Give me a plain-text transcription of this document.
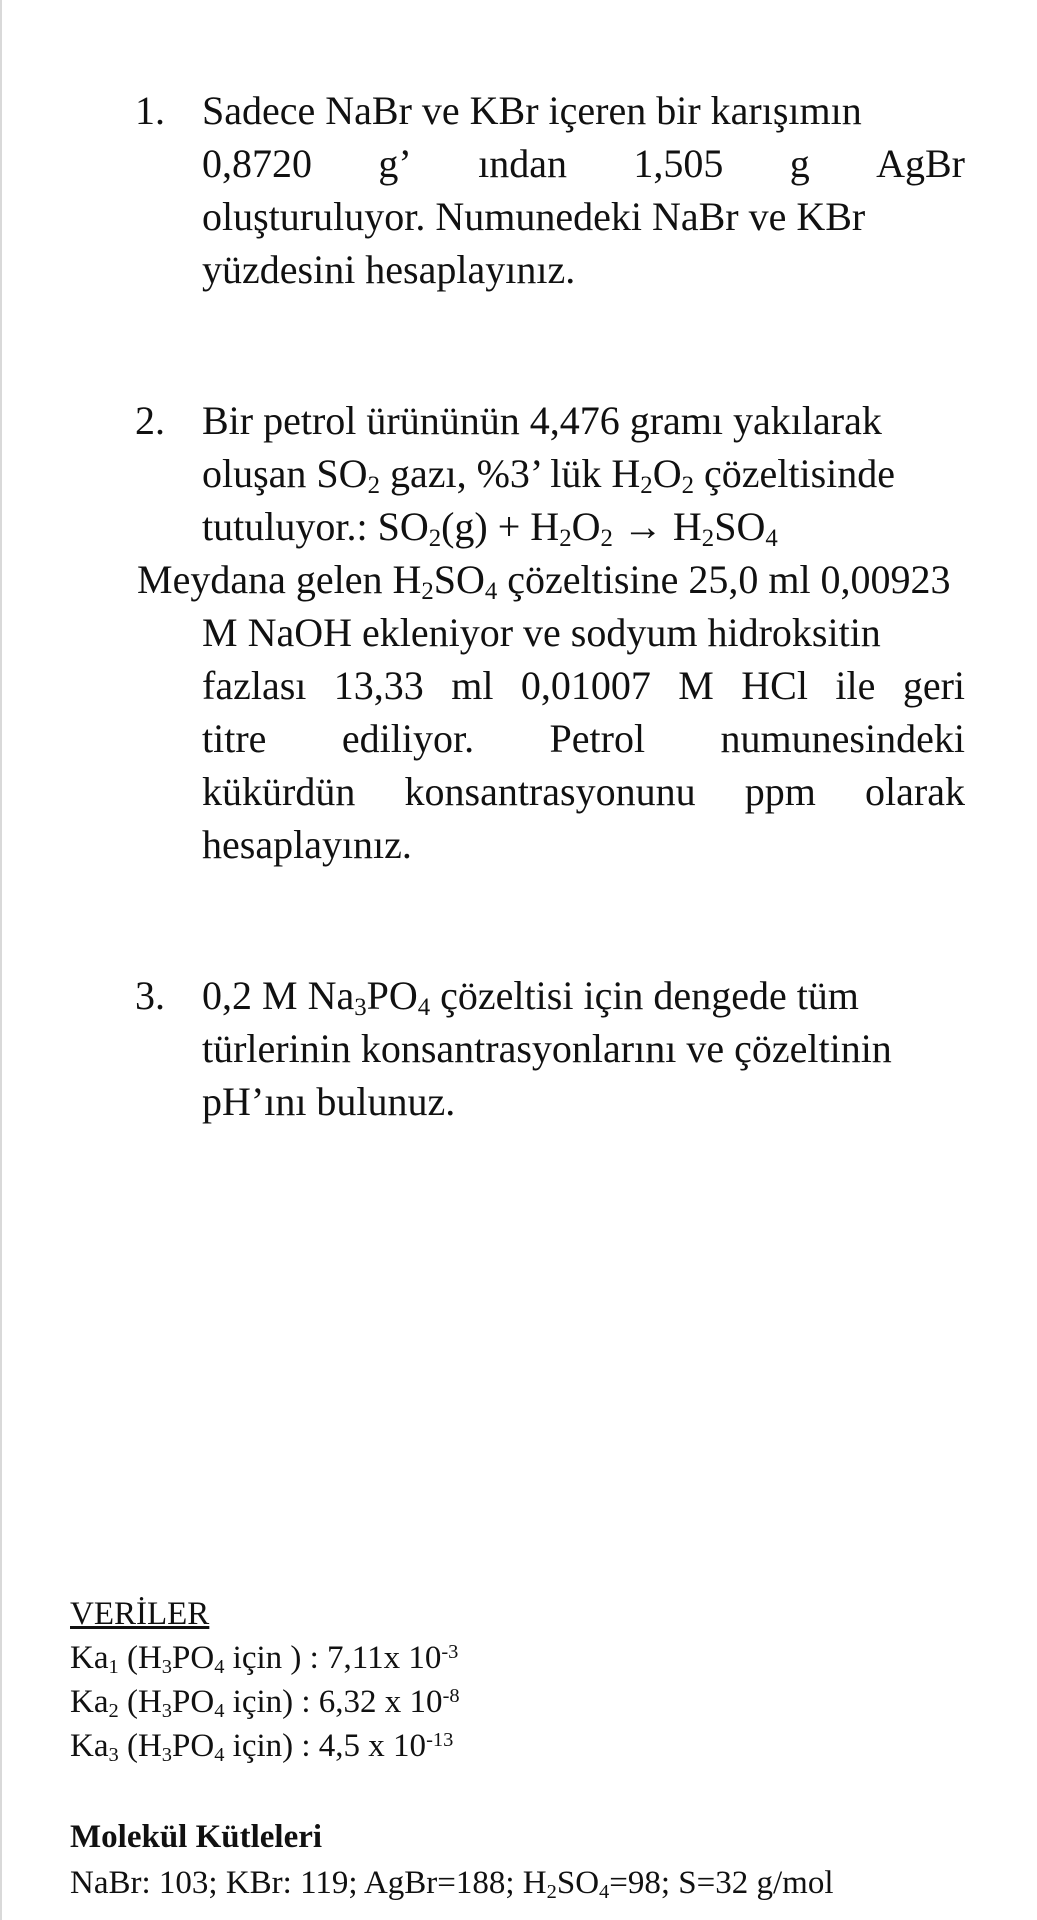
1. Sadece NaBr ve KBr içeren bir karışımın
0,8720 g’ ından 1,505 g AgBr
oluşturuluyor. Numunedeki NaBr ve KBr
yüzdesini hesaplayınız.
2. Bir petrol ürününün 4,476 gramı yakılarak
oluşan $SO_2$ gazı, %3’ lük $H_2O_2$ çözeltisinde
tutuluyor.: $SO_2(g) + H_2O_2 \to H_2SO_4$
Meydana gelen $H_2SO_4$ çözeltisine 25,0 ml 0,00923
M NaOH ekleniyor ve sodyum hidroksitin
fazlası 13,33 ml 0,01007 M HCl ile geri
titre ediliyor. Petrol numunesindeki
kükürdün konsantrasyonunu ppm olarak
hesaplayınız.
3. 0,2 M $Na_3PO_4$ çözeltisi için dengede tüm
türlerinin konsantrasyonlarını ve çözeltinin
pH’ını bulunuz.
VERİLER
$Ka_1$ ($H_3PO_4$ için ) : 7,11x $10^{-3}$
$Ka_2$ ($H_3PO_4$ için) : 6,32 x $10^{-8}$
$Ka_3$ ($H_3PO_4$ için) : 4,5 x $10^{-13}$
Molekül Kütleleri
NaBr: 103; KBr: 119; AgBr=188; $H_2SO_4=98$; S=32 g/mol
